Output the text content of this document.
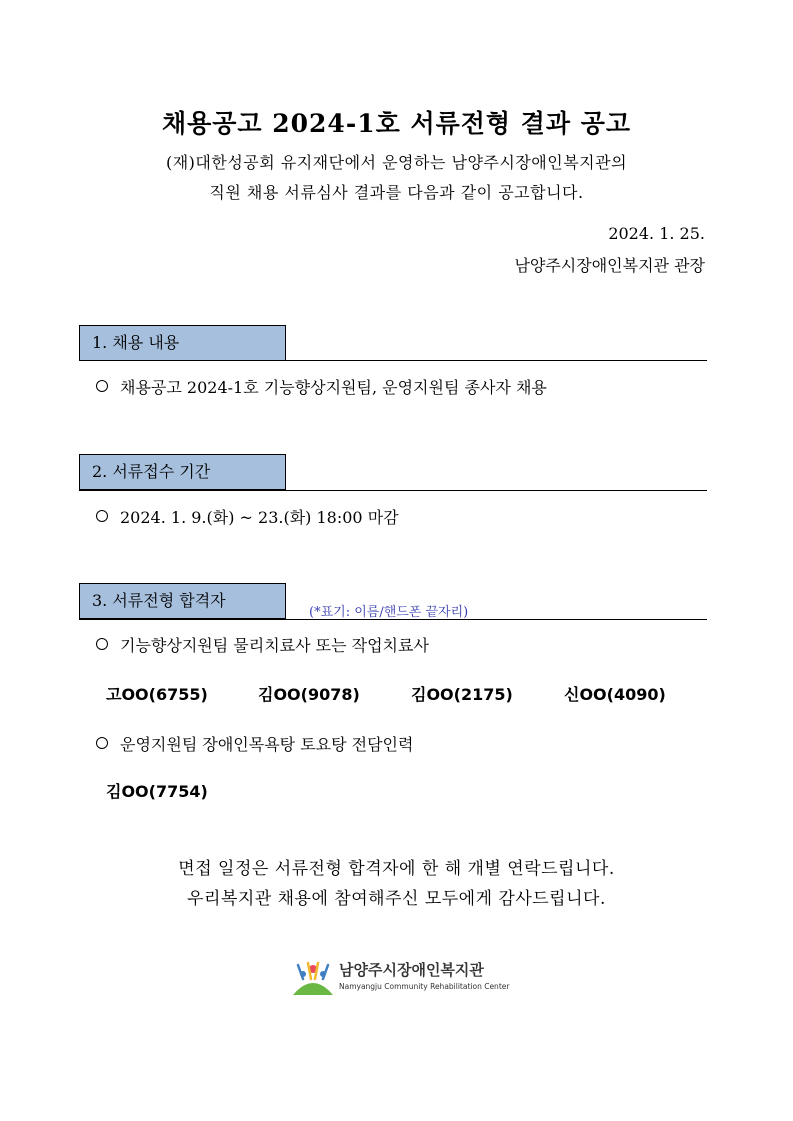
채용공고 2024-1호 서류전형 결과 공고
(재)대한성공회 유지재단에서 운영하는 남양주시장애인복지관의
직원 채용 서류심사 결과를 다음과 같이 공고합니다.
2024. 1. 25.
남양주시장애인복지관 관장
1. 채용 내용
채용공고 2024-1호 기능향상지원팀, 운영지원팀 종사자 채용
2. 서류접수 기간
2024. 1. 9.(화) ~ 23.(화) 18:00 마감
3. 서류전형 합격자
(*표기: 이름/핸드폰 끝자리)
기능향상지원팀 물리치료사 또는 작업치료사
고OO(6755)	김OO(9078)	김OO(2175)	신OO(4090)
운영지원팀 장애인목욕탕 토요탕 전담인력
김OO(7754)
면접 일정은 서류전형 합격자에 한 해 개별 연락드립니다.
우리복지관 채용에 참여해주신 모두에게 감사드립니다.
남양주시장애인복지관
Namyangju Community Rehabilitation Center
